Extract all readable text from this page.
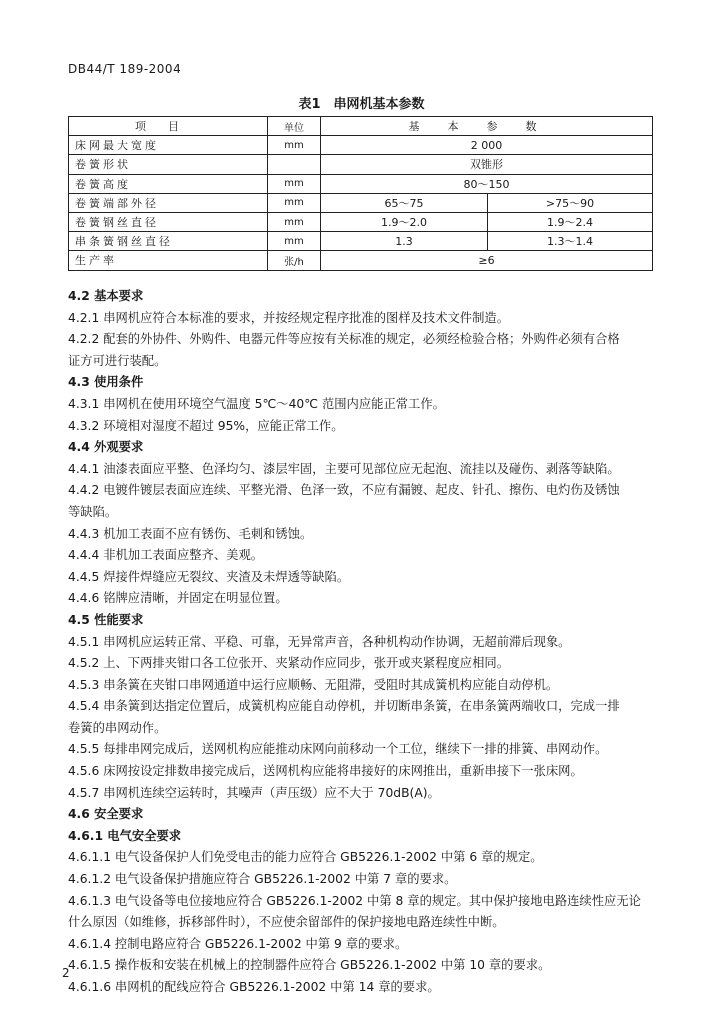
DB44/T 189-2004
表1　串网机基本参数
项目	单位	基本参数	
床网最大宽度	mm	2 000	
卷簧形状		双锥形	
卷簧高度	mm	80～150	
卷簧端部外径	mm	65～75	>75～90
卷簧钢丝直径	mm	1.9～2.0	1.9～2.4
串条簧钢丝直径	mm	1.3	1.3～1.4
生产率	张/h	≥6	
4.2 基本要求
4.2.1 串网机应符合本标准的要求，并按经规定程序批准的图样及技术文件制造。
4.2.2 配套的外协件、外购件、电器元件等应按有关标准的规定，必须经检验合格；外购件必须有合格
证方可进行装配。
4.3 使用条件
4.3.1 串网机在使用环境空气温度 5℃～40℃ 范围内应能正常工作。
4.3.2 环境相对湿度不超过 95%，应能正常工作。
4.4 外观要求
4.4.1 油漆表面应平整、色泽均匀、漆层牢固，主要可见部位应无起泡、流挂以及碰伤、剥落等缺陷。
4.4.2 电镀件镀层表面应连续、平整光滑、色泽一致，不应有漏镀、起皮、针孔、擦伤、电灼伤及锈蚀
等缺陷。
4.4.3 机加工表面不应有锈伤、毛刺和锈蚀。
4.4.4 非机加工表面应整齐、美观。
4.4.5 焊接件焊缝应无裂纹、夹渣及未焊透等缺陷。
4.4.6 铭牌应清晰，并固定在明显位置。
4.5 性能要求
4.5.1 串网机应运转正常、平稳、可靠，无异常声音，各种机构动作协调，无超前滞后现象。
4.5.2 上、下两排夹钳口各工位张开、夹紧动作应同步，张开或夹紧程度应相同。
4.5.3 串条簧在夹钳口串网通道中运行应顺畅、无阻滞，受阻时其成簧机构应能自动停机。
4.5.4 串条簧到达指定位置后，成簧机构应能自动停机，并切断串条簧，在串条簧两端收口，完成一排
卷簧的串网动作。
4.5.5 每排串网完成后，送网机构应能推动床网向前移动一个工位，继续下一排的排簧、串网动作。
4.5.6 床网按设定排数串接完成后，送网机构应能将串接好的床网推出，重新串接下一张床网。
4.5.7 串网机连续空运转时，其噪声（声压级）应不大于 70dB(A)。
4.6 安全要求
4.6.1 电气安全要求
4.6.1.1 电气设备保护人们免受电击的能力应符合 GB5226.1-2002 中第 6 章的规定。
4.6.1.2 电气设备保护措施应符合 GB5226.1-2002 中第 7 章的要求。
4.6.1.3 电气设备等电位接地应符合 GB5226.1-2002 中第 8 章的规定。其中保护接地电路连续性应无论
什么原因（如维修，拆移部件时），不应使余留部件的保护接地电路连续性中断。
4.6.1.4 控制电路应符合 GB5226.1-2002 中第 9 章的要求。
4.6.1.5 操作板和安装在机械上的控制器件应符合 GB5226.1-2002 中第 10 章的要求。
4.6.1.6 串网机的配线应符合 GB5226.1-2002 中第 14 章的要求。
2
